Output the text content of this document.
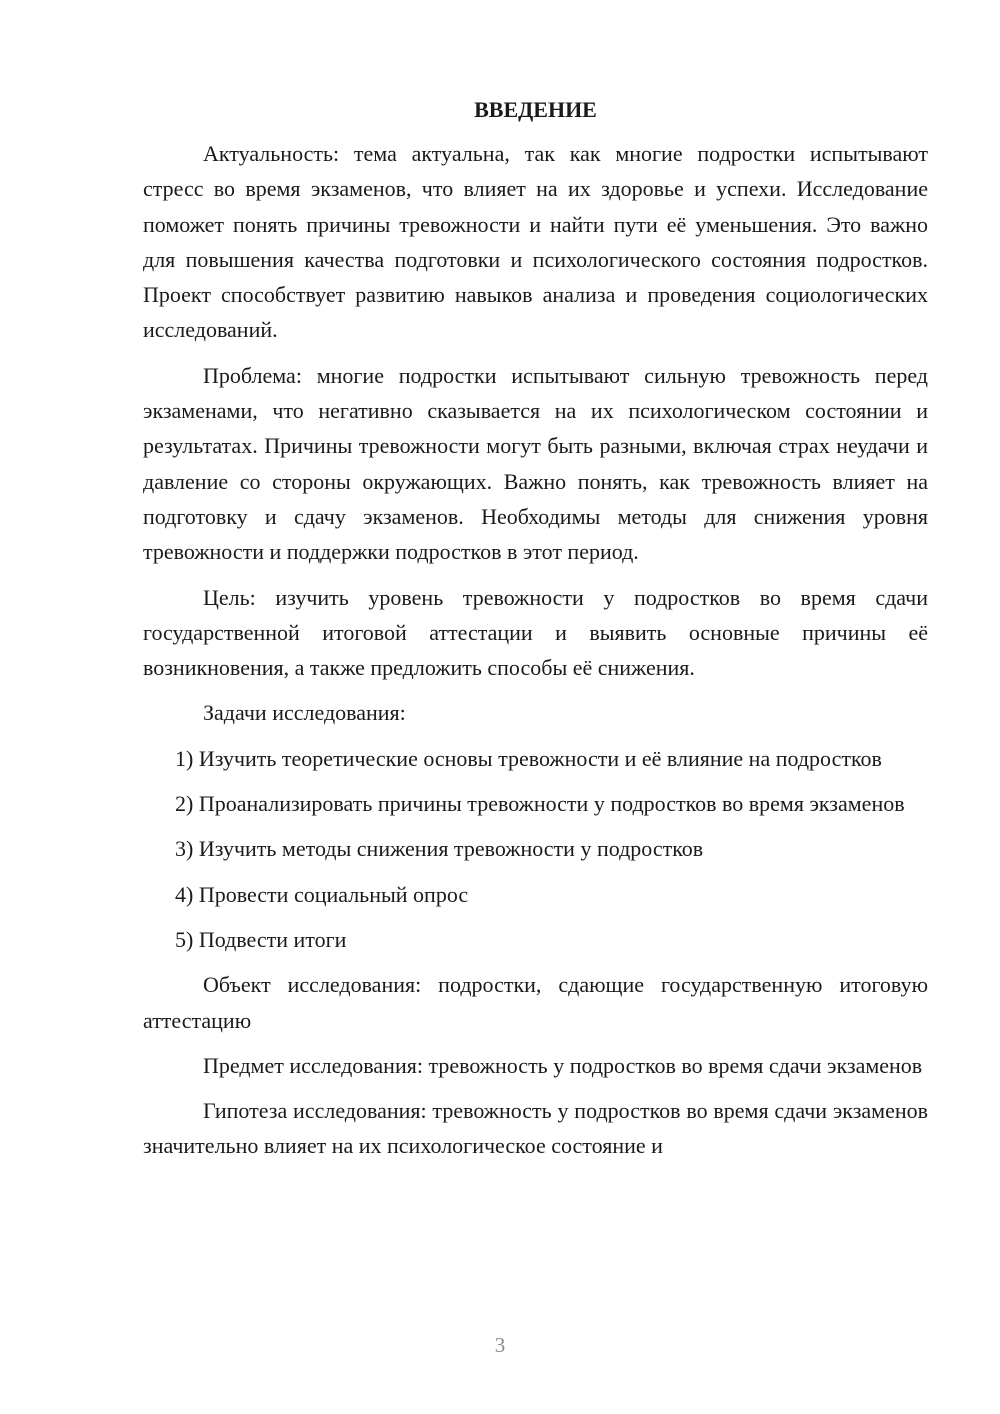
ВВЕДЕНИЕ

Актуальность: тема актуальна, так как многие подростки испытывают стресс во время экзаменов, что влияет на их здоровье и успехи. Исследование поможет понять причины тревожности и найти пути её уменьшения. Это важно для повышения качества подготовки и психологического состояния подростков. Проект способствует развитию навыков анализа и проведения социологических исследований.

Проблема: многие подростки испытывают сильную тревожность перед экзаменами, что негативно сказывается на их психологическом состоянии и результатах. Причины тревожности могут быть разными, включая страх неудачи и давление со стороны окружающих. Важно понять, как тревожность влияет на подготовку и сдачу экзаменов. Необходимы методы для снижения уровня тревожности и поддержки подростков в этот период.

Цель: изучить уровень тревожности у подростков во время сдачи государственной итоговой аттестации и выявить основные причины её возникновения, а также предложить способы её снижения.

Задачи исследования:

1) Изучить теоретические основы тревожности и её влияние на подростков

2) Проанализировать причины тревожности у подростков во время экзаменов

3) Изучить методы снижения тревожности у подростков

4) Провести социальный опрос

5) Подвести итоги

Объект исследования: подростки, сдающие государственную итоговую аттестацию

Предмет исследования: тревожность у подростков во время сдачи экзаменов

Гипотеза исследования: тревожность у подростков во время сдачи экзаменов значительно влияет на их психологическое состояние и

3
